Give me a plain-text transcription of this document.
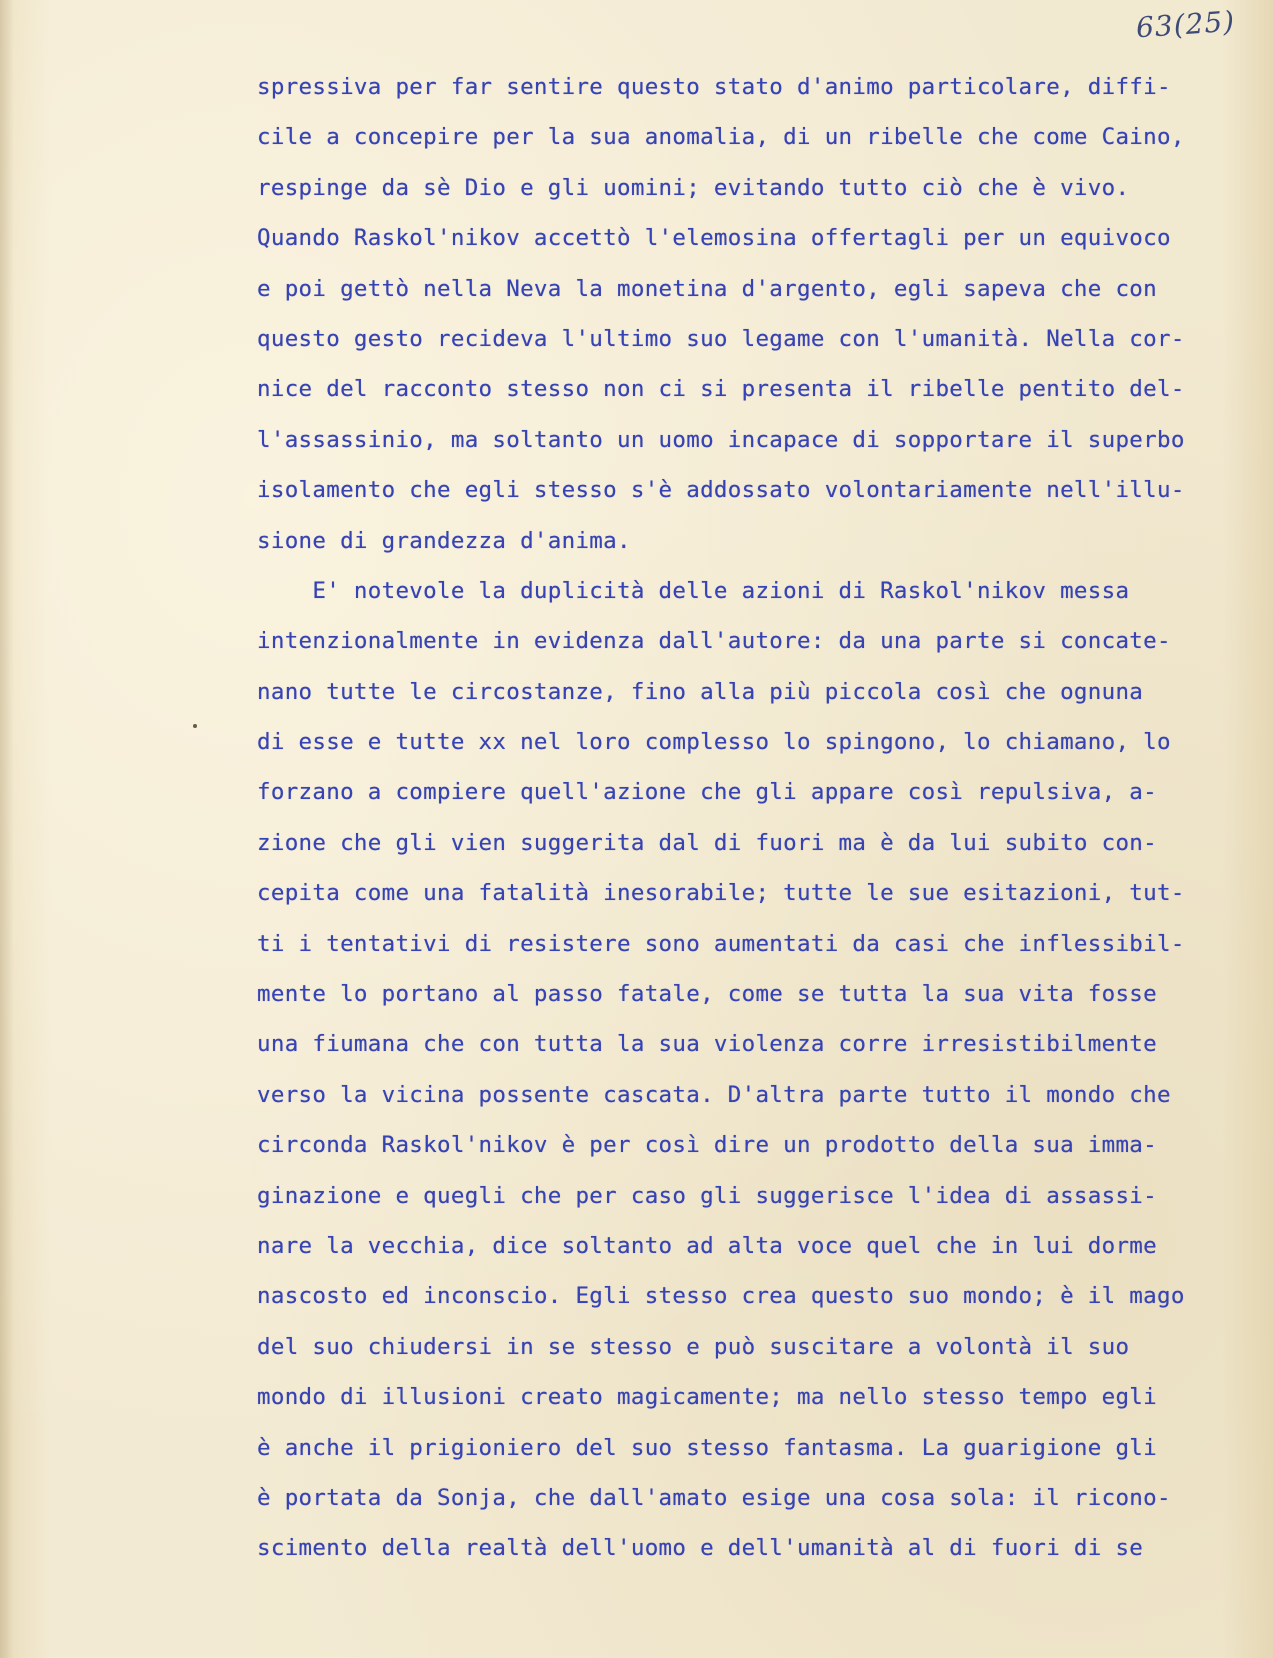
63(25)
spressiva per far sentire questo stato d'animo particolare, diffi-
cile a concepire per la sua anomalia, di un ribelle che come Caino,
respinge da sè Dio e gli uomini; evitando tutto ciò che è vivo.
Quando Raskol'nikov accettò l'elemosina offertagli per un equivoco
e poi gettò nella Neva la monetina d'argento, egli sapeva che con
questo gesto recideva l'ultimo suo legame con l'umanità. Nella cor-
nice del racconto stesso non ci si presenta il ribelle pentito del-
l'assassinio, ma soltanto un uomo incapace di sopportare il superbo
isolamento che egli stesso s'è addossato volontariamente nell'illu-
sione di grandezza d'anima.
E' notevole la duplicità delle azioni di Raskol'nikov messa
intenzionalmente in evidenza dall'autore: da una parte si concate-
nano tutte le circostanze, fino alla più piccola così che ognuna
di esse e tutte xx nel loro complesso lo spingono, lo chiamano, lo
forzano a compiere quell'azione che gli appare così repulsiva, a-
zione che gli vien suggerita dal di fuori ma è da lui subito con-
cepita come una fatalità inesorabile; tutte le sue esitazioni, tut-
ti i tentativi di resistere sono aumentati da casi che inflessibil-
mente lo portano al passo fatale, come se tutta la sua vita fosse
una fiumana che con tutta la sua violenza corre irresistibilmente
verso la vicina possente cascata. D'altra parte tutto il mondo che
circonda Raskol'nikov è per così dire un prodotto della sua imma-
ginazione e quegli che per caso gli suggerisce l'idea di assassi-
nare la vecchia, dice soltanto ad alta voce quel che in lui dorme
nascosto ed inconscio. Egli stesso crea questo suo mondo; è il mago
del suo chiudersi in se stesso e può suscitare a volontà il suo
mondo di illusioni creato magicamente; ma nello stesso tempo egli
è anche il prigioniero del suo stesso fantasma. La guarigione gli
è portata da Sonja, che dall'amato esige una cosa sola: il ricono-
scimento della realtà dell'uomo e dell'umanità al di fuori di se
